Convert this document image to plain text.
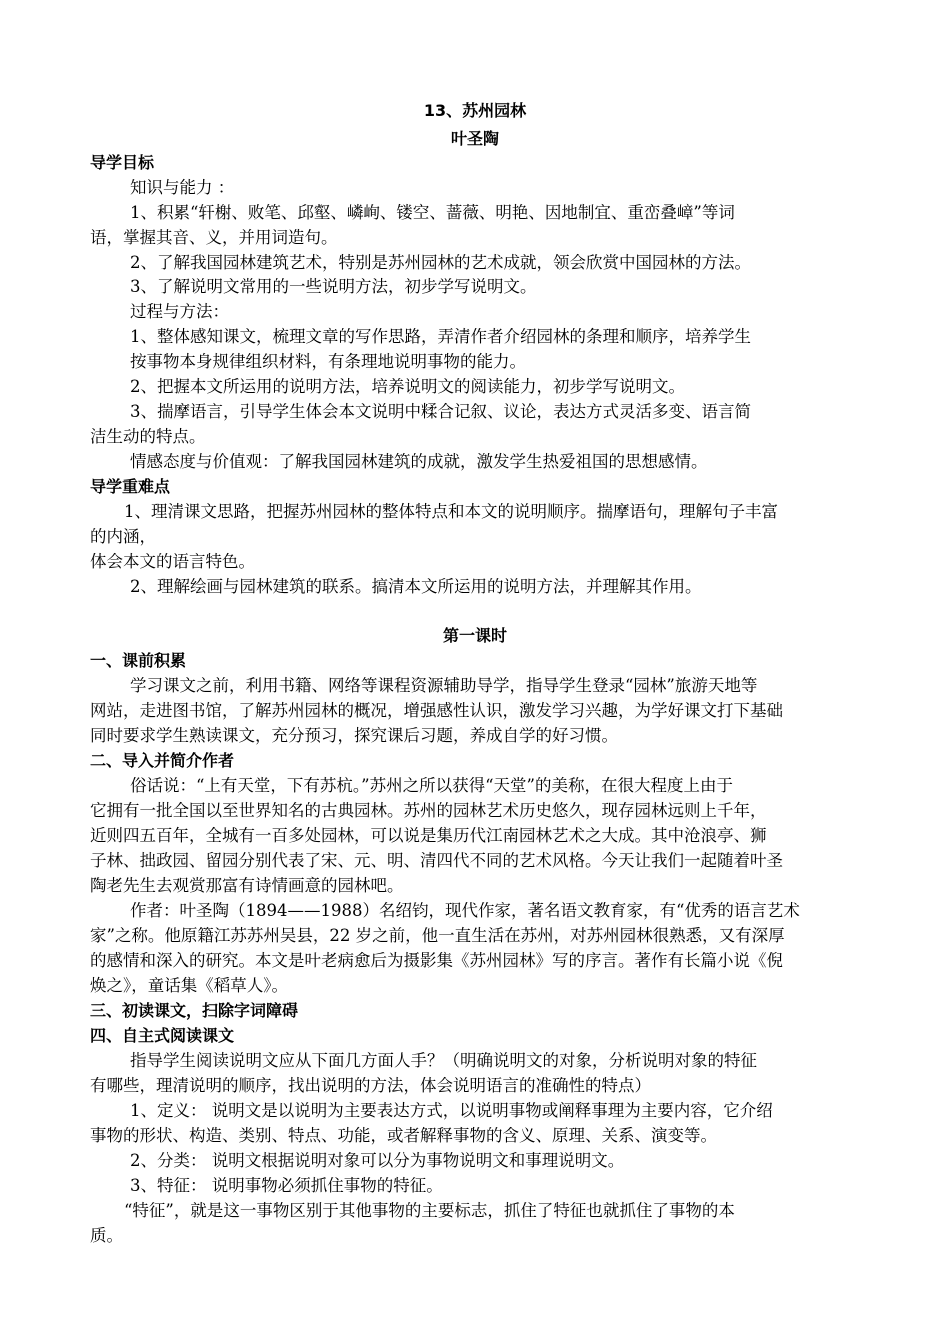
13、苏州园林
叶圣陶
导学目标
知识与能力 ：
1、积累“轩榭、败笔、邱壑、嶙峋、镂空、蔷薇、明艳、因地制宜、重峦叠嶂”等词
语，掌握其音、义，并用词造句。
2、了解我国园林建筑艺术，特别是苏州园林的艺术成就，领会欣赏中国园林的方法。
3、了解说明文常用的一些说明方法，初步学写说明文。
过程与方法：
1、整体感知课文，梳理文章的写作思路，弄清作者介绍园林的条理和顺序，培养学生
按事物本身规律组织材料，有条理地说明事物的能力。
2、把握本文所运用的说明方法，培养说明文的阅读能力，初步学写说明文。
3、揣摩语言，引导学生体会本文说明中糅合记叙、议论，表达方式灵活多变、语言简
洁生动的特点。
情感态度与价值观：了解我国园林建筑的成就，激发学生热爱祖国的思想感情。
导学重难点
1、理清课文思路，把握苏州园林的整体特点和本文的说明顺序。揣摩语句，理解句子丰富
的内涵，
体会本文的语言特色。
2、理解绘画与园林建筑的联系。搞清本文所运用的说明方法，并理解其作用。
第一课时
一、课前积累
学习课文之前，利用书籍、网络等课程资源辅助导学，指导学生登录“园林”旅游天地等
网站，走进图书馆，了解苏州园林的概况，增强感性认识，激发学习兴趣，为学好课文打下基础
同时要求学生熟读课文，充分预习，探究课后习题，养成自学的好习惯。
二、导入并简介作者
俗话说：“上有天堂，下有苏杭。”苏州之所以获得“天堂”的美称，在很大程度上由于
它拥有一批全国以至世界知名的古典园林。苏州的园林艺术历史悠久，现存园林远则上千年，
近则四五百年，全城有一百多处园林，可以说是集历代江南园林艺术之大成。其中沧浪亭、狮
子林、拙政园、留园分别代表了宋、元、明、清四代不同的艺术风格。今天让我们一起随着叶圣
陶老先生去观赏那富有诗情画意的园林吧。
作者：叶圣陶（1894——1988）名绍钧，现代作家，著名语文教育家，有“优秀的语言艺术
家”之称。他原籍江苏苏州吴县，22 岁之前，他一直生活在苏州，对苏州园林很熟悉，又有深厚
的感情和深入的研究。本文是叶老病愈后为摄影集《苏州园林》写的序言。著作有长篇小说《倪
焕之》，童话集《稻草人》。
三、初读课文，扫除字词障碍
四、自主式阅读课文
指导学生阅读说明文应从下面几方面人手？（明确说明文的对象，分析说明对象的特征
有哪些，理清说明的顺序，找出说明的方法，体会说明语言的准确性的特点）
1、定义： 说明文是以说明为主要表达方式，以说明事物或阐释事理为主要内容，它介绍
事物的形状、构造、类别、特点、功能，或者解释事物的含义、原理、关系、演变等。
2、分类： 说明文根据说明对象可以分为事物说明文和事理说明文。
3、特征： 说明事物必须抓住事物的特征。
“特征”，就是这一事物区别于其他事物的主要标志，抓住了特征也就抓住了事物的本
质。
